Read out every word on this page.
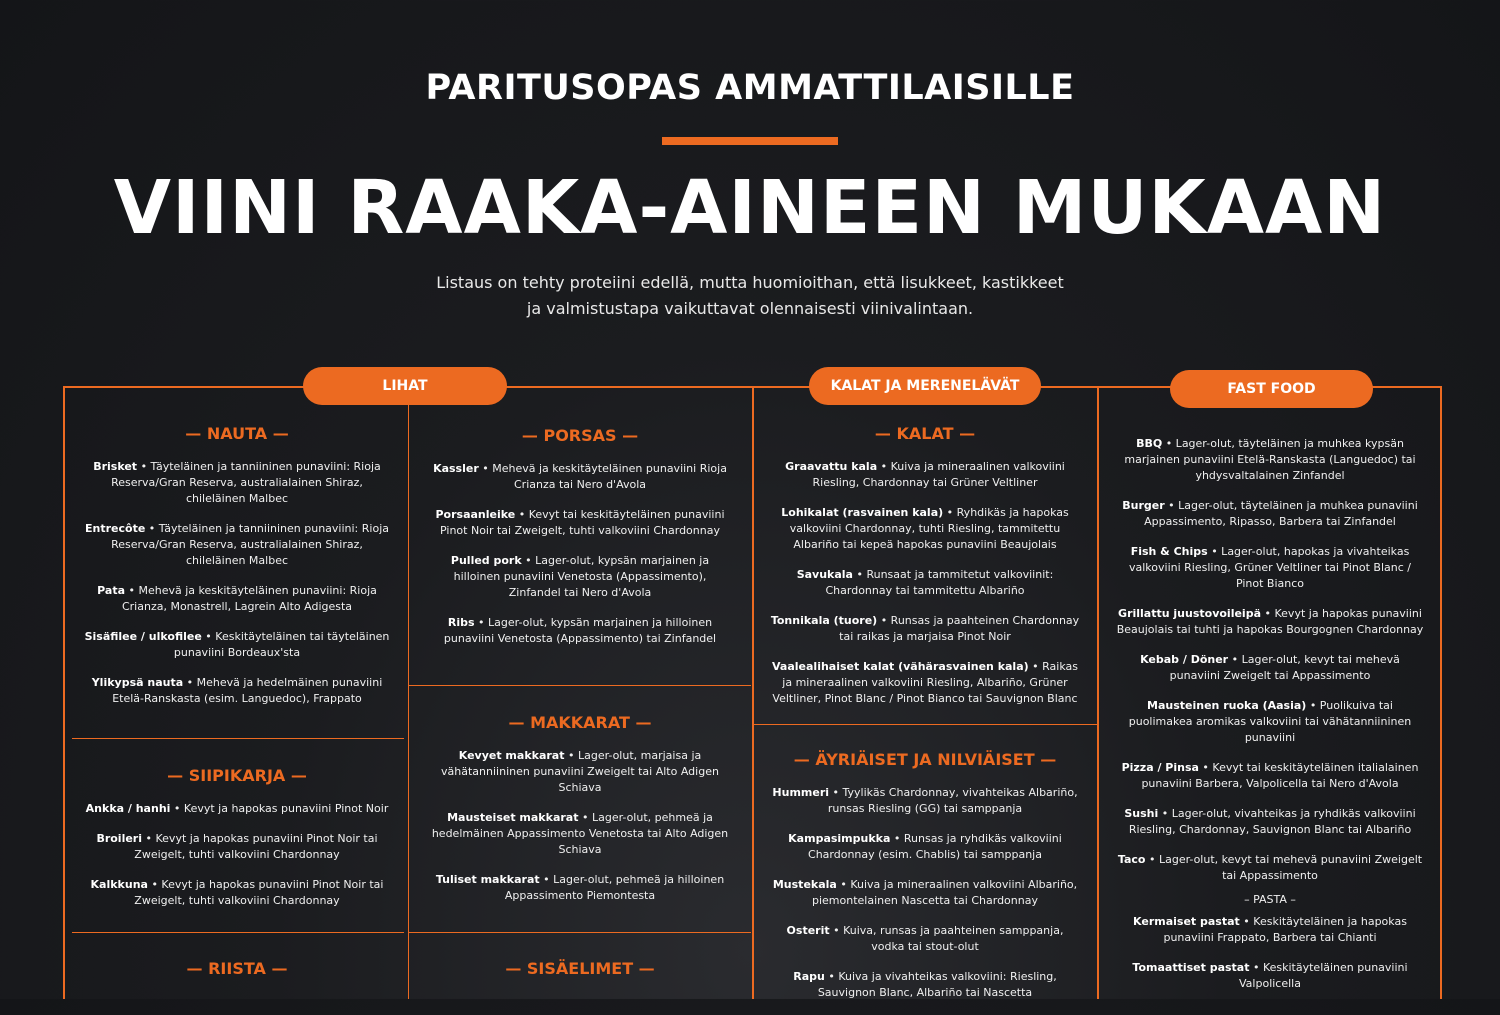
PARITUSOPAS AMMATTILAISILLE
VIINI RAAKA-AINEEN MUKAAN
Listaus on tehty proteiini edellä, mutta huomioithan, että lisukkeet, kastikkeet
ja valmistustapa vaikuttavat olennaisesti viinivalintaan.
LIHAT	KALAT JA MERENELÄVÄT	FAST FOOD
— NAUTA —
Brisket • Täyteläinen ja tanniininen punaviini: Rioja Reserva/Gran Reserva, australialainen Shiraz, chileläinen Malbec
Entrecôte • Täyteläinen ja tanniininen punaviini: Rioja Reserva/Gran Reserva, australialainen Shiraz, chileläinen Malbec
Pata • Mehevä ja keskitäyteläinen punaviini: Rioja Crianza, Monastrell, Lagrein Alto Adigesta
Sisäfilee / ulkofilee • Keskitäyteläinen tai täyteläinen punaviini Bordeaux'sta
Ylikypsä nauta • Mehevä ja hedelmäinen punaviini Etelä-Ranskasta (esim. Languedoc), Frappato
— SIIPIKARJA —
Ankka / hanhi • Kevyt ja hapokas punaviini Pinot Noir
Broileri • Kevyt ja hapokas punaviini Pinot Noir tai Zweigelt, tuhti valkoviini Chardonnay
Kalkkuna • Kevyt ja hapokas punaviini Pinot Noir tai Zweigelt, tuhti valkoviini Chardonnay
— RIISTA —
— PORSAS —
Kassler • Mehevä ja keskitäyteläinen punaviini Rioja Crianza tai Nero d'Avola
Porsaanleike • Kevyt tai keskitäyteläinen punaviini Pinot Noir tai Zweigelt, tuhti valkoviini Chardonnay
Pulled pork • Lager-olut, kypsän marjainen ja hilloinen punaviini Venetosta (Appassimento), Zinfandel tai Nero d'Avola
Ribs • Lager-olut, kypsän marjainen ja hilloinen punaviini Venetosta (Appassimento) tai Zinfandel
— MAKKARAT —
Kevyet makkarat • Lager-olut, marjaisa ja vähätanniininen punaviini Zweigelt tai Alto Adigen Schiava
Mausteiset makkarat • Lager-olut, pehmeä ja hedelmäinen Appassimento Venetosta tai Alto Adigen Schiava
Tuliset makkarat • Lager-olut, pehmeä ja hilloinen Appassimento Piemontesta
— SISÄELIMET —
— KALAT —
Graavattu kala • Kuiva ja mineraalinen valkoviini Riesling, Chardonnay tai Grüner Veltliner
Lohikalat (rasvainen kala) • Ryhdikäs ja hapokas valkoviini Chardonnay, tuhti Riesling, tammitettu Albariño tai kepeä hapokas punaviini Beaujolais
Savukala • Runsaat ja tammitetut valkoviinit: Chardonnay tai tammitettu Albariño
Tonnikala (tuore) • Runsas ja paahteinen Chardonnay tai raikas ja marjaisa Pinot Noir
Vaalealihaiset kalat (vähärasvainen kala) • Raikas ja mineraalinen valkoviini Riesling, Albariño, Grüner Veltliner, Pinot Blanc / Pinot Bianco tai Sauvignon Blanc
— ÄYRIÄISET JA NILVIÄISET —
Hummeri • Tyylikäs Chardonnay, vivahteikas Albariño, runsas Riesling (GG) tai samppanja
Kampasimpukka • Runsas ja ryhdikäs valkoviini Chardonnay (esim. Chablis) tai samppanja
Mustekala • Kuiva ja mineraalinen valkoviini Albariño, piemontelainen Nascetta tai Chardonnay
Osterit • Kuiva, runsas ja paahteinen samppanja, vodka tai stout-olut
Rapu • Kuiva ja vivahteikas valkoviini: Riesling, Sauvignon Blanc, Albariño tai Nascetta
BBQ • Lager-olut, täyteläinen ja muhkea kypsän marjainen punaviini Etelä-Ranskasta (Languedoc) tai yhdysvaltalainen Zinfandel
Burger • Lager-olut, täyteläinen ja muhkea punaviini Appassimento, Ripasso, Barbera tai Zinfandel
Fish & Chips • Lager-olut, hapokas ja vivahteikas valkoviini Riesling, Grüner Veltliner tai Pinot Blanc / Pinot Bianco
Grillattu juustovoileipä • Kevyt ja hapokas punaviini Beaujolais tai tuhti ja hapokas Bourgognen Chardonnay
Kebab / Döner • Lager-olut, kevyt tai mehevä punaviini Zweigelt tai Appassimento
Mausteinen ruoka (Aasia) • Puolikuiva tai puolimakea aromikas valkoviini tai vähätanniininen punaviini
Pizza / Pinsa • Kevyt tai keskitäyteläinen italialainen punaviini Barbera, Valpolicella tai Nero d'Avola
Sushi • Lager-olut, vivahteikas ja ryhdikäs valkoviini Riesling, Chardonnay, Sauvignon Blanc tai Albariño
Taco • Lager-olut, kevyt tai mehevä punaviini Zweigelt tai Appassimento
– PASTA –
Kermaiset pastat • Keskitäyteläinen ja hapokas punaviini Frappato, Barbera tai Chianti
Tomaattiset pastat • Keskitäyteläinen punaviini Valpolicella
